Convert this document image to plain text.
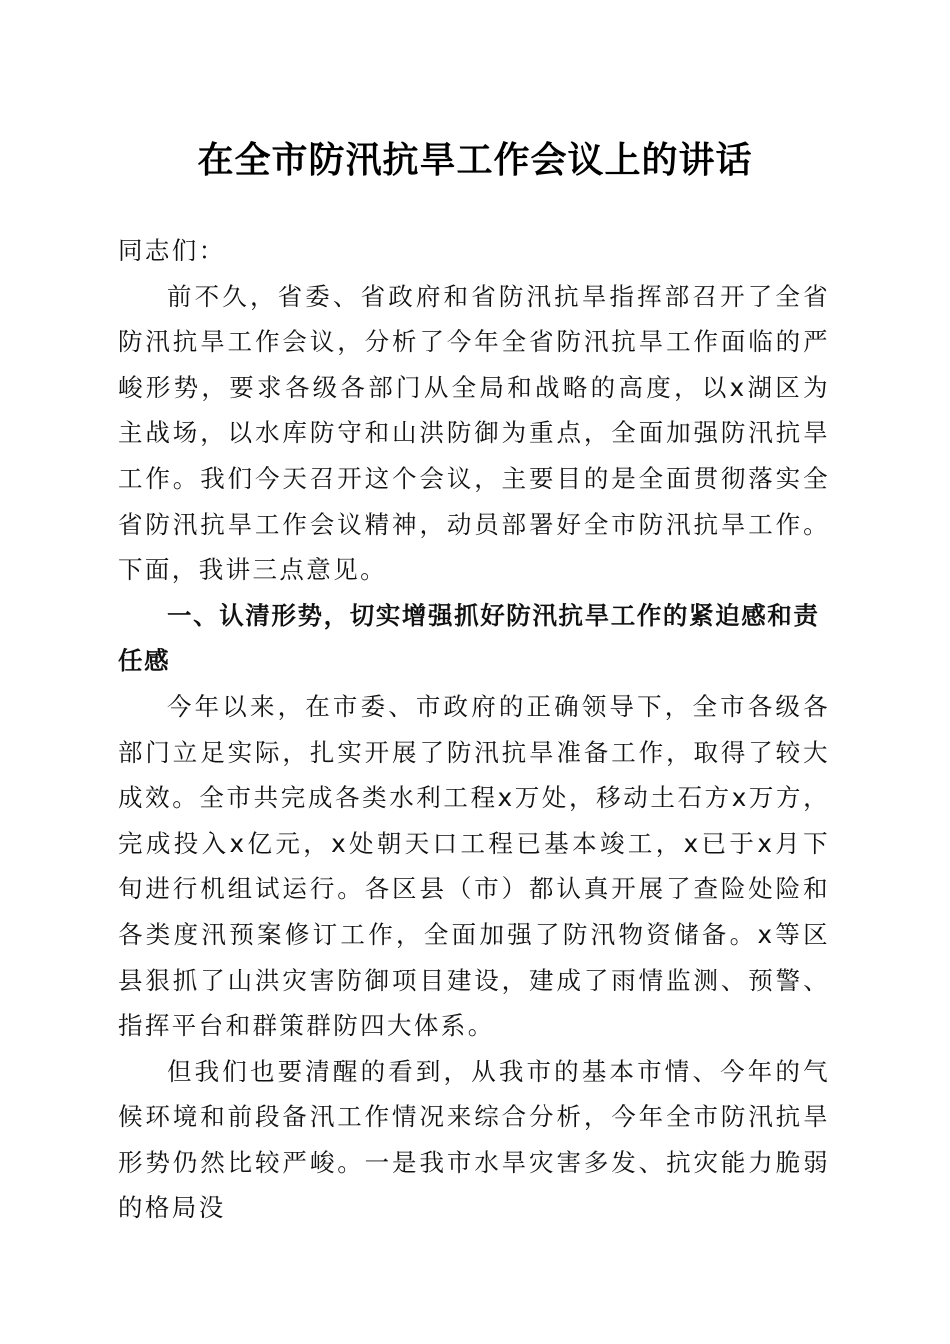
在全市防汛抗旱工作会议上的讲话

同志们：

前不久，省委、省政府和省防汛抗旱指挥部召开了全省防汛抗旱工作会议，分析了今年全省防汛抗旱工作面临的严峻形势，要求各级各部门从全局和战略的高度，以x湖区为主战场，以水库防守和山洪防御为重点，全面加强防汛抗旱工作。我们今天召开这个会议，主要目的是全面贯彻落实全省防汛抗旱工作会议精神，动员部署好全市防汛抗旱工作。下面，我讲三点意见。

一、认清形势，切实增强抓好防汛抗旱工作的紧迫感和责任感

今年以来，在市委、市政府的正确领导下，全市各级各部门立足实际，扎实开展了防汛抗旱准备工作，取得了较大成效。全市共完成各类水利工程x万处，移动土石方x万方，完成投入x亿元，x处朝天口工程已基本竣工，x已于x月下旬进行机组试运行。各区县（市）都认真开展了查险处险和各类度汛预案修订工作，全面加强了防汛物资储备。x等区县狠抓了山洪灾害防御项目建设，建成了雨情监测、预警、指挥平台和群策群防四大体系。

但我们也要清醒的看到，从我市的基本市情、今年的气候环境和前段备汛工作情况来综合分析，今年全市防汛抗旱形势仍然比较严峻。一是我市水旱灾害多发、抗灾能力脆弱的格局没
